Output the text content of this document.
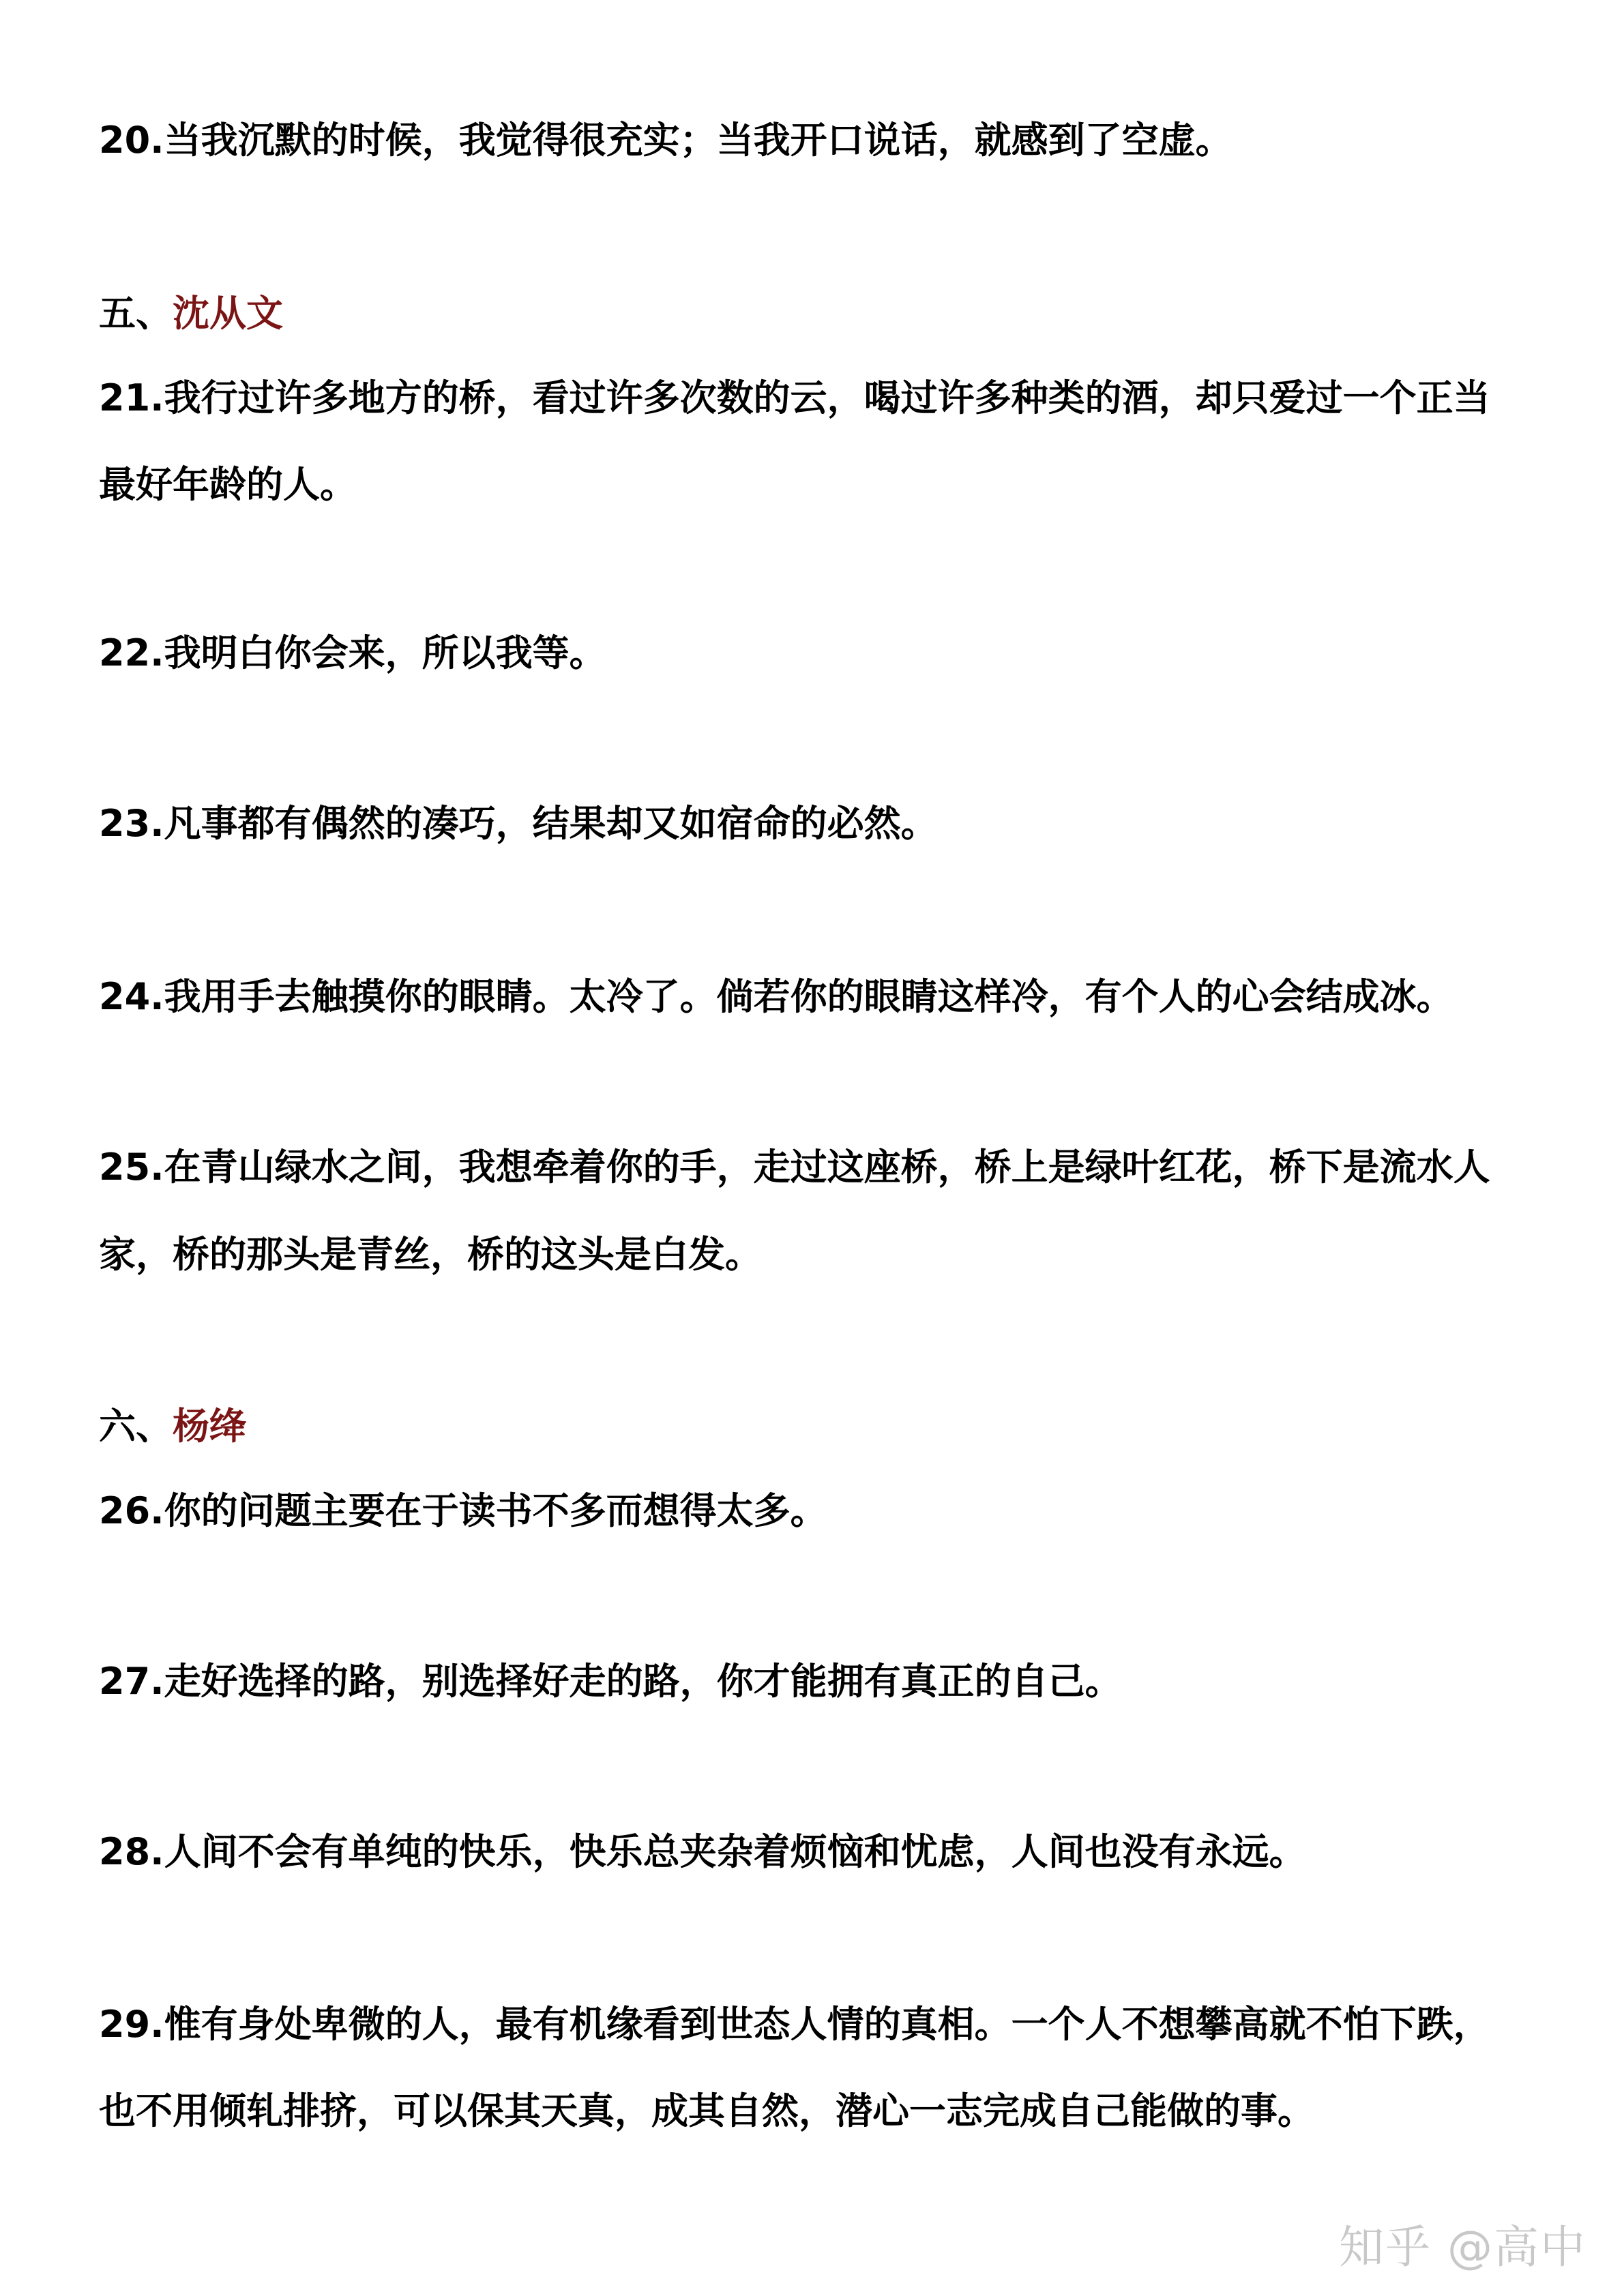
20.当我沉默的时候，我觉得很充实；当我开口说话，就感到了空虚。
五、沈从文
21.我行过许多地方的桥，看过许多次数的云，喝过许多种类的酒，却只爱过一个正当
最好年龄的人。
22.我明白你会来，所以我等。
23.凡事都有偶然的凑巧，结果却又如宿命的必然。
24.我用手去触摸你的眼睛。太冷了。倘若你的眼睛这样冷，有个人的心会结成冰。
25.在青山绿水之间，我想牵着你的手，走过这座桥，桥上是绿叶红花，桥下是流水人
家，桥的那头是青丝，桥的这头是白发。
六、杨绛
26.你的问题主要在于读书不多而想得太多。
27.走好选择的路，别选择好走的路，你才能拥有真正的自己。
28.人间不会有单纯的快乐，快乐总夹杂着烦恼和忧虑，人间也没有永远。
29.惟有身处卑微的人，最有机缘看到世态人情的真相。一个人不想攀高就不怕下跌，
也不用倾轧排挤，可以保其天真，成其自然，潜心一志完成自己能做的事。
知乎 @高中
